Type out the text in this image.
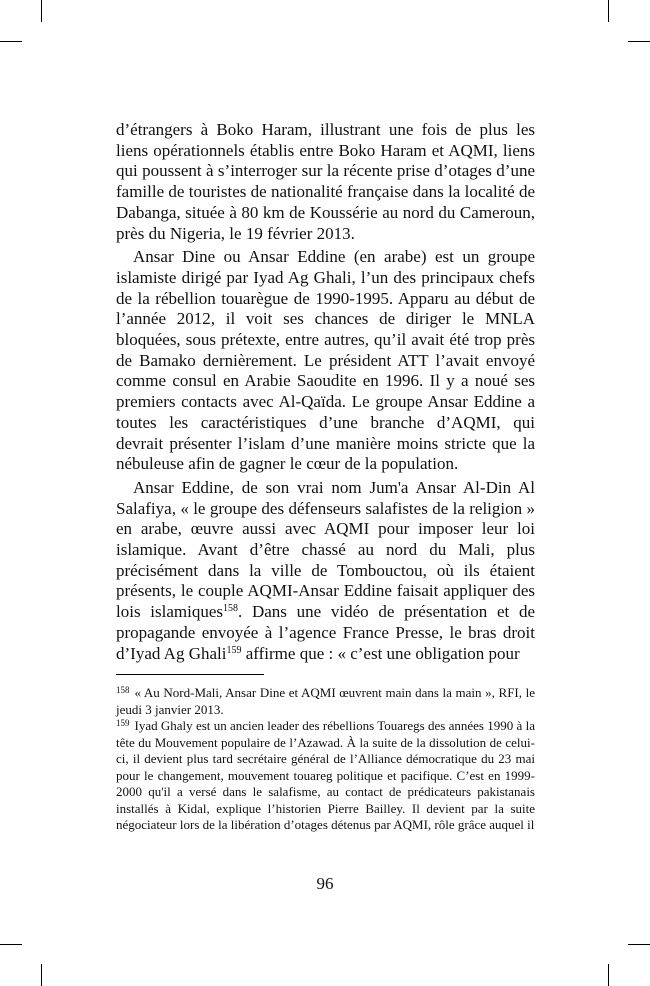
d’étrangers à Boko Haram, illustrant une fois de plus les liens opérationnels établis entre Boko Haram et AQMI, liens qui poussent à s’interroger sur la récente prise d’otages d’une famille de touristes de nationalité française dans la localité de Dabanga, située à 80 km de Koussérie au nord du Cameroun, près du Nigeria, le 19 février 2013.

Ansar Dine ou Ansar Eddine (en arabe) est un groupe islamiste dirigé par Iyad Ag Ghali, l’un des principaux chefs de la rébellion touarègue de 1990-1995. Apparu au début de l’année 2012, il voit ses chances de diriger le MNLA bloquées, sous prétexte, entre autres, qu’il avait été trop près de Bamako dernièrement. Le président ATT l’avait envoyé comme consul en Arabie Saoudite en 1996. Il y a noué ses premiers contacts avec Al-Qaïda. Le groupe Ansar Eddine a toutes les caractéristiques d’une branche d’AQMI, qui devrait présenter l’islam d’une manière moins stricte que la nébuleuse afin de gagner le cœur de la population.

Ansar Eddine, de son vrai nom Jum'a Ansar Al-Din Al Salafiya, « le groupe des défenseurs salafistes de la religion » en arabe, œuvre aussi avec AQMI pour imposer leur loi islamique. Avant d’être chassé au nord du Mali, plus précisément dans la ville de Tombouctou, où ils étaient présents, le couple AQMI-Ansar Eddine faisait appliquer des lois islamiques$^{158}$. Dans une vidéo de présentation et de propagande envoyée à l’agence France Presse, le bras droit d’Iyad Ag Ghali$^{159}$ affirme que : « c’est une obligation pour

$^{158}$ « Au Nord-Mali, Ansar Dine et AQMI œuvrent main dans la main », RFI, le jeudi 3 janvier 2013.

$^{159}$ Iyad Ghaly est un ancien leader des rébellions Touaregs des années 1990 à la tête du Mouvement populaire de l’Azawad. À la suite de la dissolution de celui-ci, il devient plus tard secrétaire général de l’Alliance démocratique du 23 mai pour le changement, mouvement touareg politique et pacifique. C’est en 1999-2000 qu'il a versé dans le salafisme, au contact de prédicateurs pakistanais installés à Kidal, explique l’historien Pierre Bailley. Il devient par la suite négociateur lors de la libération d’otages détenus par AQMI, rôle grâce auquel il

96
